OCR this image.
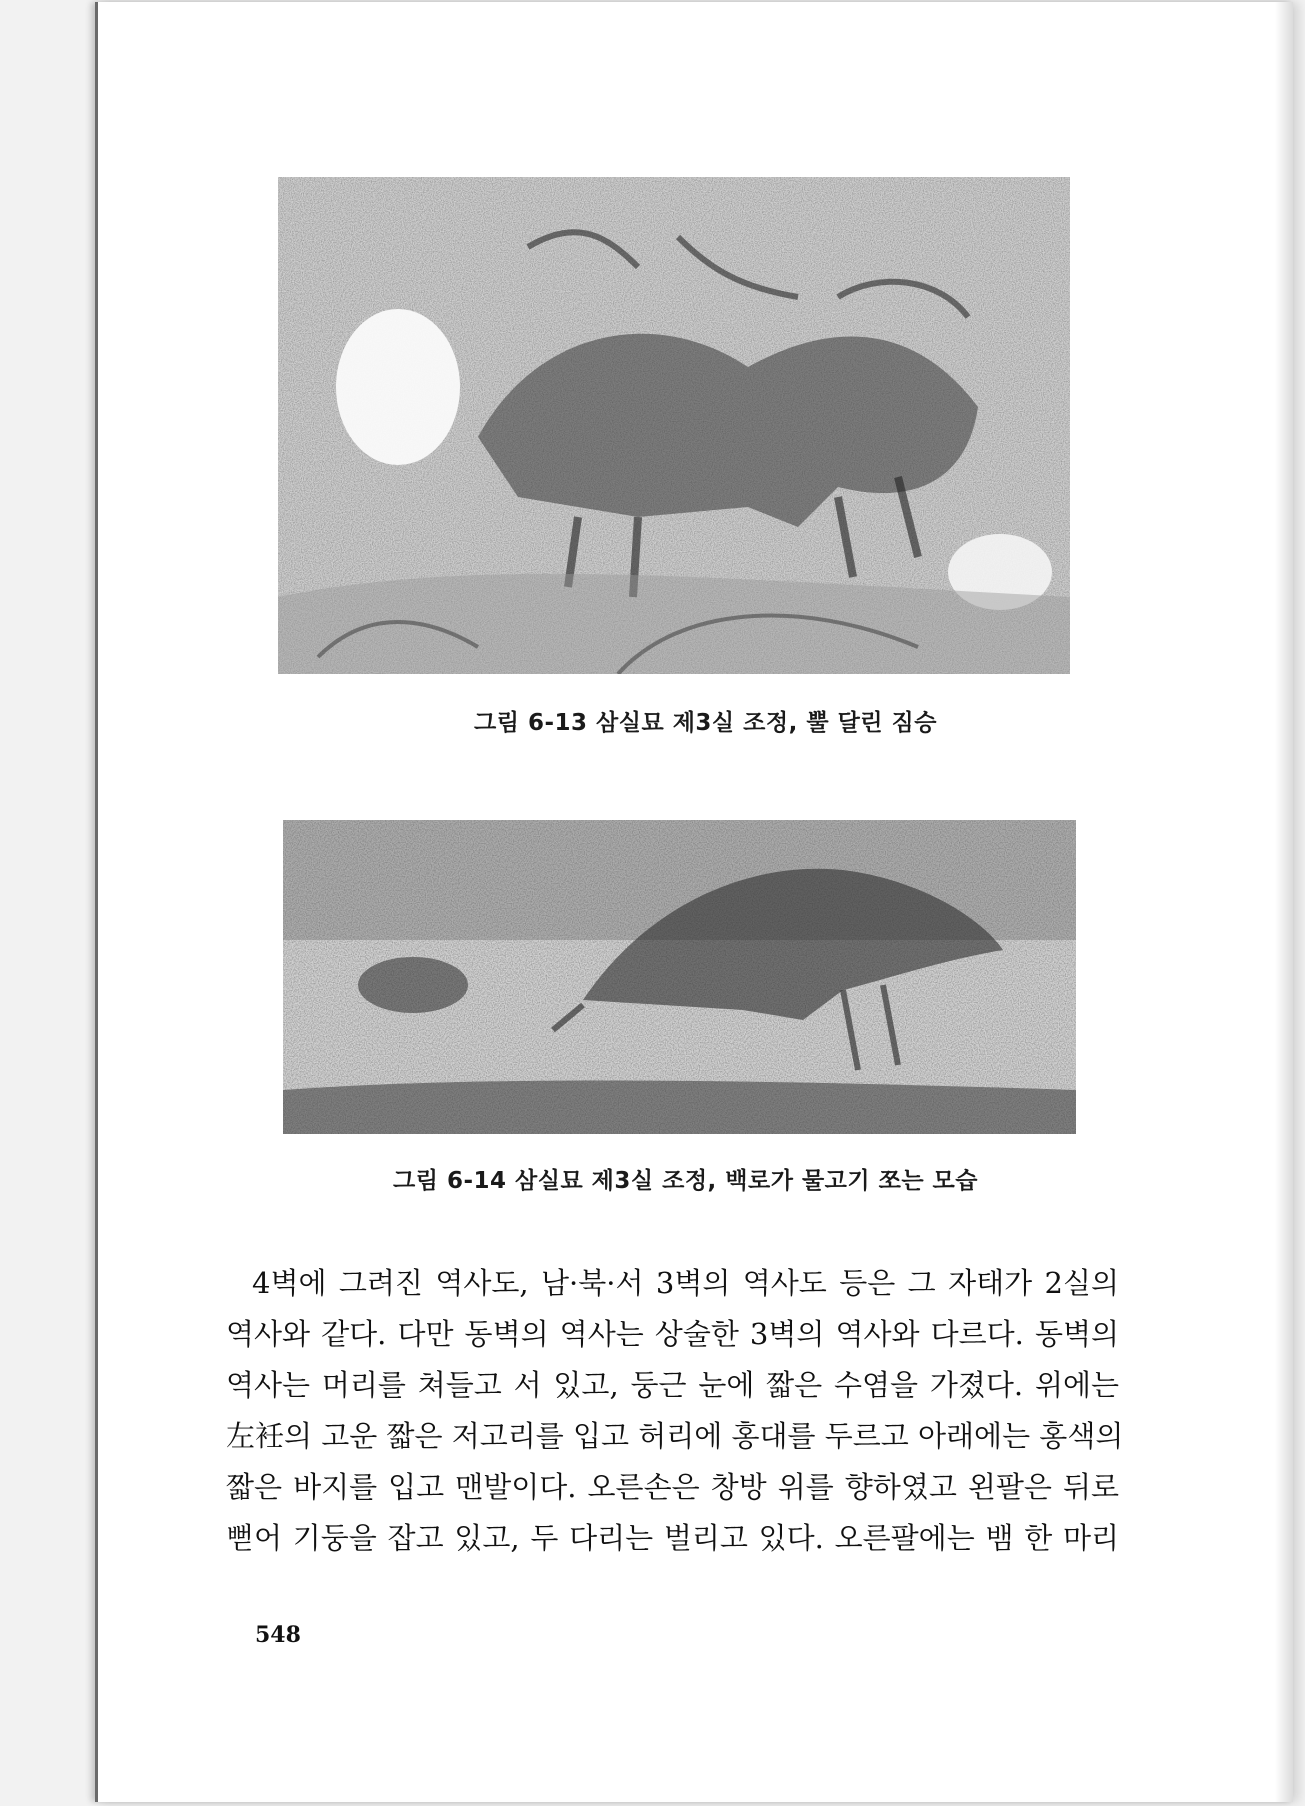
그림 6-13 삼실묘 제3실 조정, 뿔 달린 짐승
그림 6-14 삼실묘 제3실 조정, 백로가 물고기 쪼는 모습
4벽에 그려진 역사도, 남·북·서 3벽의 역사도 등은 그 자태가 2실의
역사와 같다. 다만 동벽의 역사는 상술한 3벽의 역사와 다르다. 동벽의
역사는 머리를 쳐들고 서 있고, 둥근 눈에 짧은 수염을 가졌다. 위에는
左衽의 고운 짧은 저고리를 입고 허리에 홍대를 두르고 아래에는 홍색의
짧은 바지를 입고 맨발이다. 오른손은 창방 위를 향하였고 왼팔은 뒤로
뻗어 기둥을 잡고 있고, 두 다리는 벌리고 있다. 오른팔에는 뱀 한 마리
548
